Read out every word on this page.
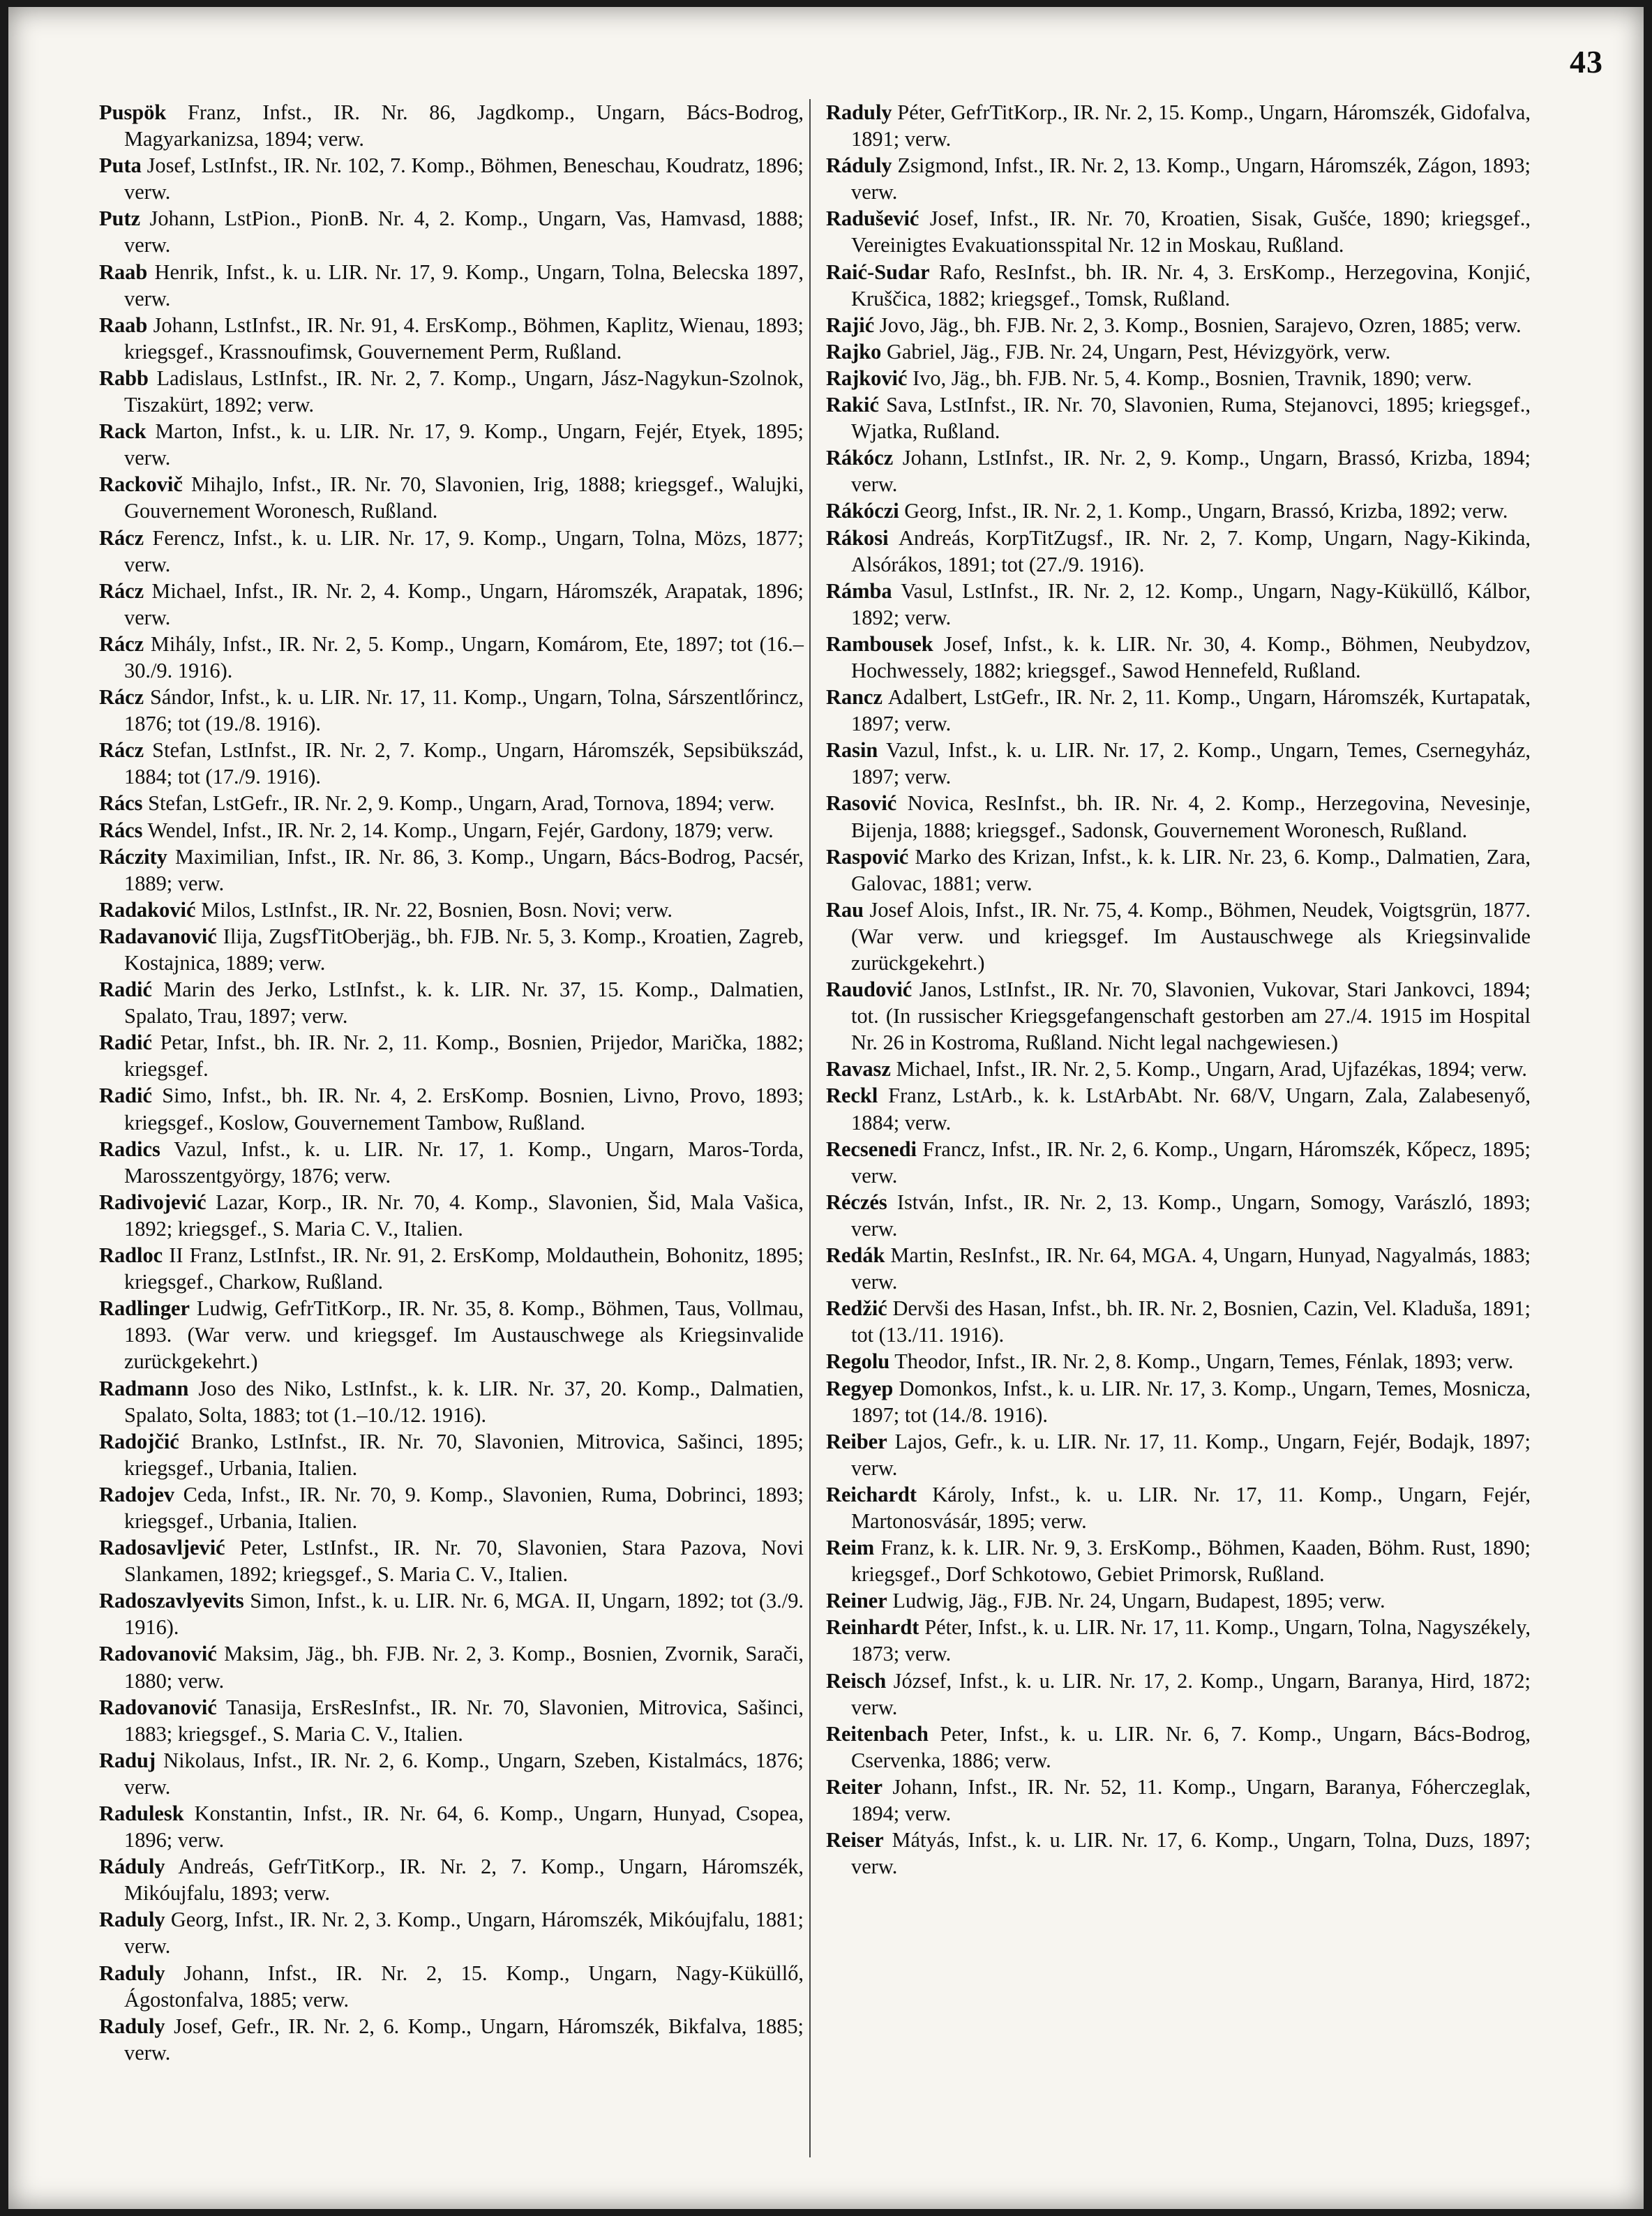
43

Puspök Franz, Infst., IR. Nr. 86, Jagdkomp., Ungarn, Bács-Bodrog, Magyarkanizsa, 1894; verw.

Puta Josef, LstInfst., IR. Nr. 102, 7. Komp., Böhmen, Beneschau, Koudratz, 1896; verw.

Putz Johann, LstPion., PionB. Nr. 4, 2. Komp., Ungarn, Vas, Hamvasd, 1888; verw.

Raab Henrik, Infst., k. u. LIR. Nr. 17, 9. Komp., Ungarn, Tolna, Belecska 1897, verw.

Raab Johann, LstInfst., IR. Nr. 91, 4. ErsKomp., Böhmen, Kaplitz, Wienau, 1893; kriegsgef., Krassnoufimsk, Gouvernement Perm, Rußland.

Rabb Ladislaus, LstInfst., IR. Nr. 2, 7. Komp., Ungarn, Jász-Nagykun-Szolnok, Tiszakürt, 1892; verw.

Rack Marton, Infst., k. u. LIR. Nr. 17, 9. Komp., Ungarn, Fejér, Etyek, 1895; verw.

Rackovič Mihajlo, Infst., IR. Nr. 70, Slavonien, Irig, 1888; kriegsgef., Walujki, Gouvernement Woronesch, Rußland.

Rácz Ferencz, Infst., k. u. LIR. Nr. 17, 9. Komp., Ungarn, Tolna, Mözs, 1877; verw.

Rácz Michael, Infst., IR. Nr. 2, 4. Komp., Ungarn, Háromszék, Arapatak, 1896; verw.

Rácz Mihály, Infst., IR. Nr. 2, 5. Komp., Ungarn, Komárom, Ete, 1897; tot (16.–30./9. 1916).

Rácz Sándor, Infst., k. u. LIR. Nr. 17, 11. Komp., Ungarn, Tolna, Sárszentlőrincz, 1876; tot (19./8. 1916).

Rácz Stefan, LstInfst., IR. Nr. 2, 7. Komp., Ungarn, Háromszék, Sepsibükszád, 1884; tot (17./9. 1916).

Rács Stefan, LstGefr., IR. Nr. 2, 9. Komp., Ungarn, Arad, Tornova, 1894; verw.

Rács Wendel, Infst., IR. Nr. 2, 14. Komp., Ungarn, Fejér, Gardony, 1879; verw.

Ráczity Maximilian, Infst., IR. Nr. 86, 3. Komp., Ungarn, Bács-Bodrog, Pacsér, 1889; verw.

Radaković Milos, LstInfst., IR. Nr. 22, Bosnien, Bosn. Novi; verw.

Radavanović Ilija, ZugsfTitOberjäg., bh. FJB. Nr. 5, 3. Komp., Kroatien, Zagreb, Kostajnica, 1889; verw.

Radić Marin des Jerko, LstInfst., k. k. LIR. Nr. 37, 15. Komp., Dalmatien, Spalato, Trau, 1897; verw.

Radić Petar, Infst., bh. IR. Nr. 2, 11. Komp., Bosnien, Prijedor, Marička, 1882; kriegsgef.

Radić Simo, Infst., bh. IR. Nr. 4, 2. ErsKomp. Bosnien, Livno, Provo, 1893; kriegsgef., Koslow, Gouvernement Tambow, Rußland.

Radics Vazul, Infst., k. u. LIR. Nr. 17, 1. Komp., Ungarn, Maros-Torda, Marosszentgyörgy, 1876; verw.

Radivojević Lazar, Korp., IR. Nr. 70, 4. Komp., Slavonien, Šid, Mala Vašica, 1892; kriegsgef., S. Maria C. V., Italien.

Radloc II Franz, LstInfst., IR. Nr. 91, 2. ErsKomp, Moldauthein, Bohonitz, 1895; kriegsgef., Charkow, Rußland.

Radlinger Ludwig, GefrTitKorp., IR. Nr. 35, 8. Komp., Böhmen, Taus, Vollmau, 1893. (War verw. und kriegsgef. Im Austauschwege als Kriegsinvalide zurückgekehrt.)

Radmann Joso des Niko, LstInfst., k. k. LIR. Nr. 37, 20. Komp., Dalmatien, Spalato, Solta, 1883; tot (1.–10./12. 1916).

Radojčić Branko, LstInfst., IR. Nr. 70, Slavonien, Mitrovica, Sašinci, 1895; kriegsgef., Urbania, Italien.

Radojev Ceda, Infst., IR. Nr. 70, 9. Komp., Slavonien, Ruma, Dobrinci, 1893; kriegsgef., Urbania, Italien.

Radosavljević Peter, LstInfst., IR. Nr. 70, Slavonien, Stara Pazova, Novi Slankamen, 1892; kriegsgef., S. Maria C. V., Italien.

Radoszavlyevits Simon, Infst., k. u. LIR. Nr. 6, MGA. II, Ungarn, 1892; tot (3./9. 1916).

Radovanović Maksim, Jäg., bh. FJB. Nr. 2, 3. Komp., Bosnien, Zvornik, Sarači, 1880; verw.

Radovanović Tanasija, ErsResInfst., IR. Nr. 70, Slavonien, Mitrovica, Sašinci, 1883; kriegsgef., S. Maria C. V., Italien.

Raduj Nikolaus, Infst., IR. Nr. 2, 6. Komp., Ungarn, Szeben, Kistalmács, 1876; verw.

Radulesk Konstantin, Infst., IR. Nr. 64, 6. Komp., Ungarn, Hunyad, Csopea, 1896; verw.

Ráduly Andreás, GefrTitKorp., IR. Nr. 2, 7. Komp., Ungarn, Háromszék, Mikóujfalu, 1893; verw.

Raduly Georg, Infst., IR. Nr. 2, 3. Komp., Ungarn, Háromszék, Mikóujfalu, 1881; verw.

Raduly Johann, Infst., IR. Nr. 2, 15. Komp., Ungarn, Nagy-Küküllő, Ágostonfalva, 1885; verw.

Raduly Josef, Gefr., IR. Nr. 2, 6. Komp., Ungarn, Háromszék, Bikfalva, 1885; verw.

Raduly Péter, GefrTitKorp., IR. Nr. 2, 15. Komp., Ungarn, Háromszék, Gidofalva, 1891; verw.

Ráduly Zsigmond, Infst., IR. Nr. 2, 13. Komp., Ungarn, Háromszék, Zágon, 1893; verw.

Radušević Josef, Infst., IR. Nr. 70, Kroatien, Sisak, Gušće, 1890; kriegsgef., Vereinigtes Evakuationsspital Nr. 12 in Moskau, Rußland.

Raić-Sudar Rafo, ResInfst., bh. IR. Nr. 4, 3. ErsKomp., Herzegovina, Konjić, Kruščica, 1882; kriegsgef., Tomsk, Rußland.

Rajić Jovo, Jäg., bh. FJB. Nr. 2, 3. Komp., Bosnien, Sarajevo, Ozren, 1885; verw.

Rajko Gabriel, Jäg., FJB. Nr. 24, Ungarn, Pest, Hévizgyörk, verw.

Rajković Ivo, Jäg., bh. FJB. Nr. 5, 4. Komp., Bosnien, Travnik, 1890; verw.

Rakić Sava, LstInfst., IR. Nr. 70, Slavonien, Ruma, Stejanovci, 1895; kriegsgef., Wjatka, Rußland.

Rákócz Johann, LstInfst., IR. Nr. 2, 9. Komp., Ungarn, Brassó, Krizba, 1894; verw.

Rákóczi Georg, Infst., IR. Nr. 2, 1. Komp., Ungarn, Brassó, Krizba, 1892; verw.

Rákosi Andreás, KorpTitZugsf., IR. Nr. 2, 7. Komp, Ungarn, Nagy-Kikinda, Alsórákos, 1891; tot (27./9. 1916).

Rámba Vasul, LstInfst., IR. Nr. 2, 12. Komp., Ungarn, Nagy-Küküllő, Kálbor, 1892; verw.

Rambousek Josef, Infst., k. k. LIR. Nr. 30, 4. Komp., Böhmen, Neubydzov, Hochwessely, 1882; kriegsgef., Sawod Hennefeld, Rußland.

Rancz Adalbert, LstGefr., IR. Nr. 2, 11. Komp., Ungarn, Háromszék, Kurtapatak, 1897; verw.

Rasin Vazul, Infst., k. u. LIR. Nr. 17, 2. Komp., Ungarn, Temes, Csernegyház, 1897; verw.

Rasović Novica, ResInfst., bh. IR. Nr. 4, 2. Komp., Herzegovina, Nevesinje, Bijenja, 1888; kriegsgef., Sadonsk, Gouvernement Woronesch, Rußland.

Raspović Marko des Krizan, Infst., k. k. LIR. Nr. 23, 6. Komp., Dalmatien, Zara, Galovac, 1881; verw.

Rau Josef Alois, Infst., IR. Nr. 75, 4. Komp., Böhmen, Neudek, Voigtsgrün, 1877. (War verw. und kriegsgef. Im Austauschwege als Kriegsinvalide zurückgekehrt.)

Raudović Janos, LstInfst., IR. Nr. 70, Slavonien, Vukovar, Stari Jankovci, 1894; tot. (In russischer Kriegsgefangenschaft gestorben am 27./4. 1915 im Hospital Nr. 26 in Kostroma, Rußland. Nicht legal nachgewiesen.)

Ravasz Michael, Infst., IR. Nr. 2, 5. Komp., Ungarn, Arad, Ujfazékas, 1894; verw.

Reckl Franz, LstArb., k. k. LstArbAbt. Nr. 68/V, Ungarn, Zala, Zalabesenyő, 1884; verw.

Recsenedi Francz, Infst., IR. Nr. 2, 6. Komp., Ungarn, Háromszék, Kőpecz, 1895; verw.

Réczés István, Infst., IR. Nr. 2, 13. Komp., Ungarn, Somogy, Varászló, 1893; verw.

Redák Martin, ResInfst., IR. Nr. 64, MGA. 4, Ungarn, Hunyad, Nagyalmás, 1883; verw.

Redžić Dervši des Hasan, Infst., bh. IR. Nr. 2, Bosnien, Cazin, Vel. Kladuša, 1891; tot (13./11. 1916).

Regolu Theodor, Infst., IR. Nr. 2, 8. Komp., Ungarn, Temes, Fénlak, 1893; verw.

Regyep Domonkos, Infst., k. u. LIR. Nr. 17, 3. Komp., Ungarn, Temes, Mosnicza, 1897; tot (14./8. 1916).

Reiber Lajos, Gefr., k. u. LIR. Nr. 17, 11. Komp., Ungarn, Fejér, Bodajk, 1897; verw.

Reichardt Károly, Infst., k. u. LIR. Nr. 17, 11. Komp., Ungarn, Fejér, Martonosvásár, 1895; verw.

Reim Franz, k. k. LIR. Nr. 9, 3. ErsKomp., Böhmen, Kaaden, Böhm. Rust, 1890; kriegsgef., Dorf Schkotowo, Gebiet Primorsk, Rußland.

Reiner Ludwig, Jäg., FJB. Nr. 24, Ungarn, Budapest, 1895; verw.

Reinhardt Péter, Infst., k. u. LIR. Nr. 17, 11. Komp., Ungarn, Tolna, Nagyszékely, 1873; verw.

Reisch József, Infst., k. u. LIR. Nr. 17, 2. Komp., Ungarn, Baranya, Hird, 1872; verw.

Reitenbach Peter, Infst., k. u. LIR. Nr. 6, 7. Komp., Ungarn, Bács-Bodrog, Cservenka, 1886; verw.

Reiter Johann, Infst., IR. Nr. 52, 11. Komp., Ungarn, Baranya, Fóherczeglak, 1894; verw.

Reiser Mátyás, Infst., k. u. LIR. Nr. 17, 6. Komp., Ungarn, Tolna, Duzs, 1897; verw.
